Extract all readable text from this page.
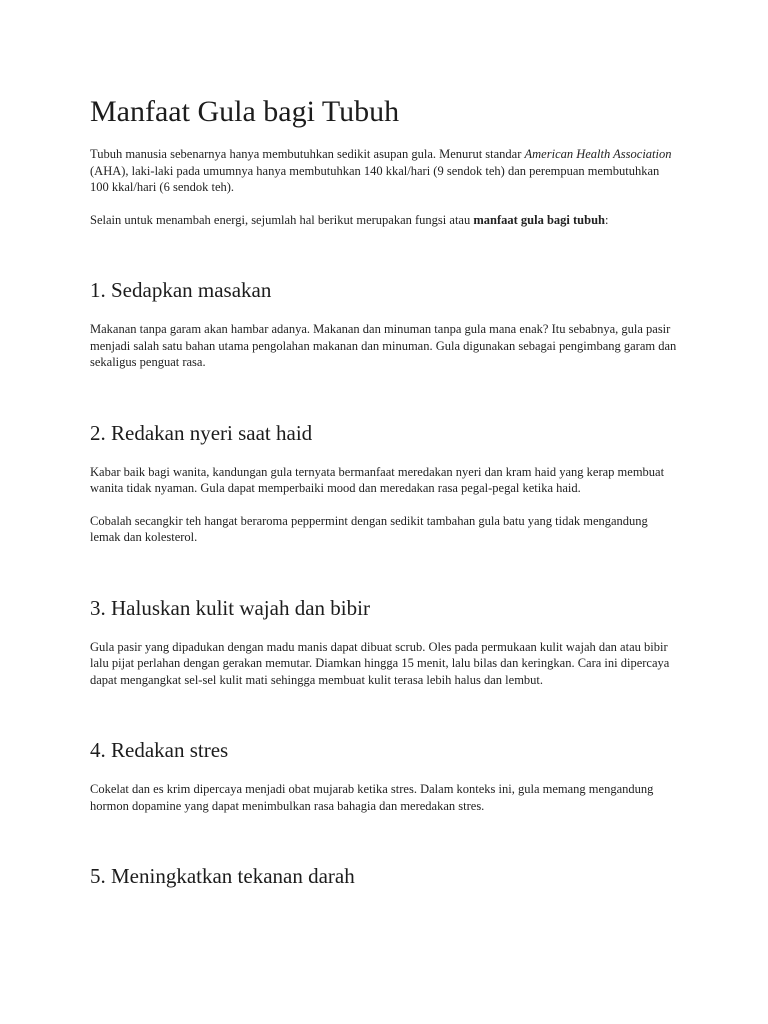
Manfaat Gula bagi Tubuh

Tubuh manusia sebenarnya hanya membutuhkan sedikit asupan gula. Menurut standar American Health Association (AHA), laki-laki pada umumnya hanya membutuhkan 140 kkal/hari (9 sendok teh) dan perempuan membutuhkan 100 kkal/hari (6 sendok teh).

Selain untuk menambah energi, sejumlah hal berikut merupakan fungsi atau manfaat gula bagi tubuh:

1. Sedapkan masakan

Makanan tanpa garam akan hambar adanya. Makanan dan minuman tanpa gula mana enak? Itu sebabnya, gula pasir menjadi salah satu bahan utama pengolahan makanan dan minuman. Gula digunakan sebagai pengimbang garam dan sekaligus penguat rasa.

2. Redakan nyeri saat haid

Kabar baik bagi wanita, kandungan gula ternyata bermanfaat meredakan nyeri dan kram haid yang kerap membuat wanita tidak nyaman. Gula dapat memperbaiki mood dan meredakan rasa pegal-pegal ketika haid.

Cobalah secangkir teh hangat beraroma peppermint dengan sedikit tambahan gula batu yang tidak mengandung lemak dan kolesterol.

3. Haluskan kulit wajah dan bibir

Gula pasir yang dipadukan dengan madu manis dapat dibuat scrub. Oles pada permukaan kulit wajah dan atau bibir lalu pijat perlahan dengan gerakan memutar. Diamkan hingga 15 menit, lalu bilas dan keringkan. Cara ini dipercaya dapat mengangkat sel-sel kulit mati sehingga membuat kulit terasa lebih halus dan lembut.

4. Redakan stres

Cokelat dan es krim dipercaya menjadi obat mujarab ketika stres. Dalam konteks ini, gula memang mengandung hormon dopamine yang dapat menimbulkan rasa bahagia dan meredakan stres.

5. Meningkatkan tekanan darah
